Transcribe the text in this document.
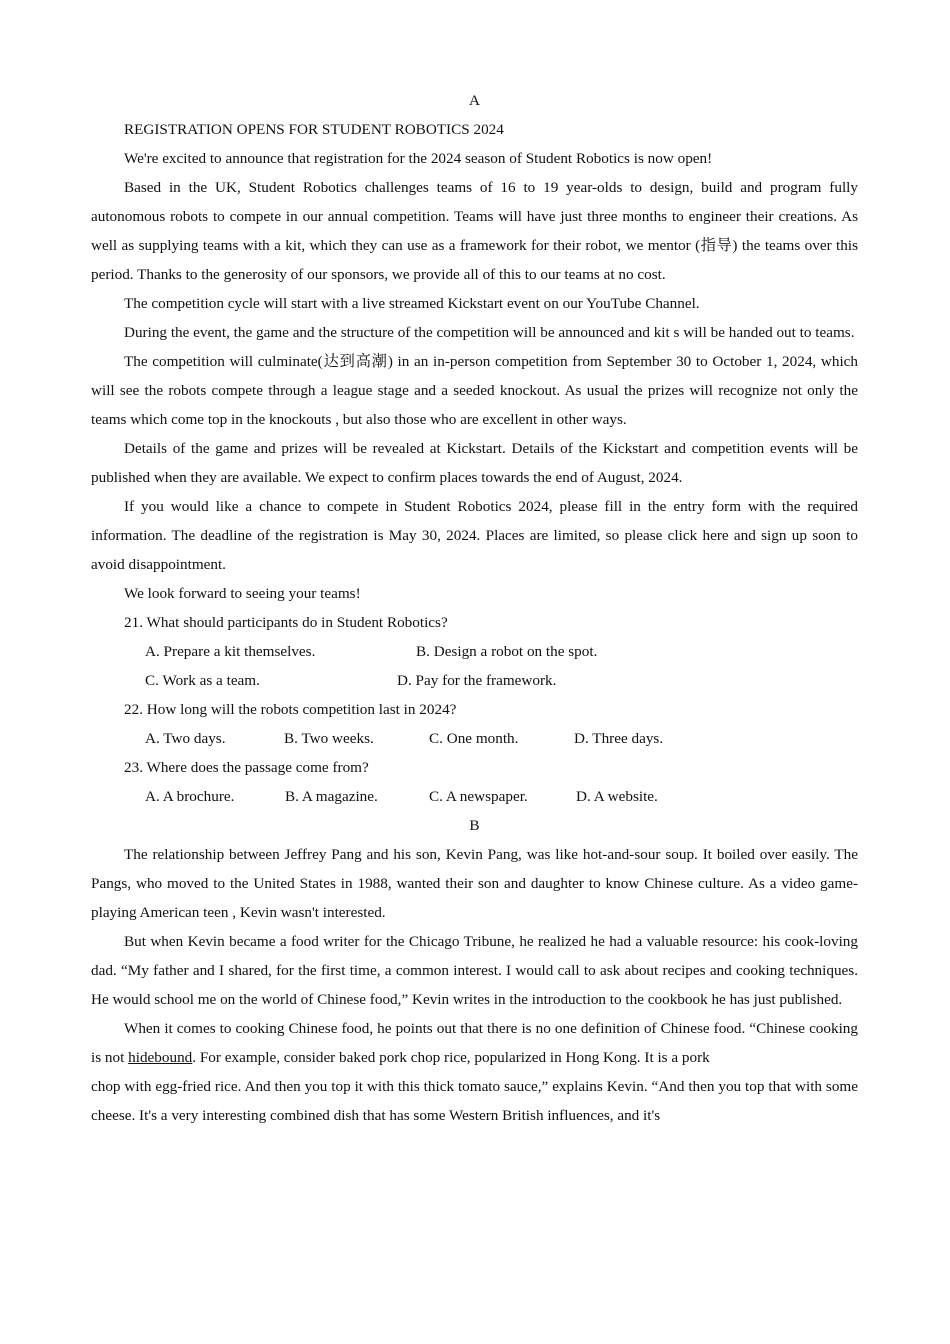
A

REGISTRATION OPENS FOR STUDENT ROBOTICS 2024

We're excited to announce that registration for the 2024 season of Student Robotics is now open!

Based in the UK, Student Robotics challenges teams of 16 to 19 year-olds to design, build and program fully autonomous robots to compete in our annual competition. Teams will have just three months to engineer their creations. As well as supplying teams with a kit, which they can use as a framework for their robot, we mentor (指导) the teams over this period. Thanks to the generosity of our sponsors, we provide all of this to our teams at no cost.

The competition cycle will start with a live streamed Kickstart event on our YouTube Channel.

During the event, the game and the structure of the competition will be announced and kit s will be handed out to teams.

The competition will culminate(达到高潮) in an in-person competition from September 30 to October 1, 2024, which will see the robots compete through a league stage and a seeded knockout. As usual the prizes will recognize not only the teams which come top in the knockouts , but also those who are excellent in other ways.

Details of the game and prizes will be revealed at Kickstart. Details of the Kickstart and competition events will be published when they are available. We expect to confirm places towards the end of August, 2024.

If you would like a chance to compete in Student Robotics 2024, please fill in the entry form with the required information. The deadline of the registration is May 30, 2024. Places are limited, so please click here and sign up soon to avoid disappointment.

We look forward to seeing your teams!

21. What should participants do in Student Robotics?

A. Prepare a kit themselves.	B. Design a robot on the spot.
C. Work as a team.	D. Pay for the framework.

22. How long will the robots competition last in 2024?

A. Two days.	B. Two weeks.	C. One month.	D. Three days.

23. Where does the passage come from?

A. A brochure.	B. A magazine.	C. A newspaper.	D. A website.

B

The relationship between Jeffrey Pang and his son, Kevin Pang, was like hot-and-sour soup. It boiled over easily. The Pangs, who moved to the United States in 1988, wanted their son and daughter to know Chinese culture. As a video game-playing American teen , Kevin wasn't interested.

But when Kevin became a food writer for the Chicago Tribune, he realized he had a valuable resource: his cook-loving dad. “My father and I shared, for the first time, a common interest. I would call to ask about recipes and cooking techniques. He would school me on the world of Chinese food,” Kevin writes in the introduction to the cookbook he has just published.

When it comes to cooking Chinese food, he points out that there is no one definition of Chinese food. “Chinese cooking is not hidebound. For example, consider baked pork chop rice, popularized in Hong Kong. It is a pork

chop with egg-fried rice. And then you top it with this thick tomato sauce,” explains Kevin. “And then you top that with some cheese. It's a very interesting combined dish that has some Western British influences, and it's
